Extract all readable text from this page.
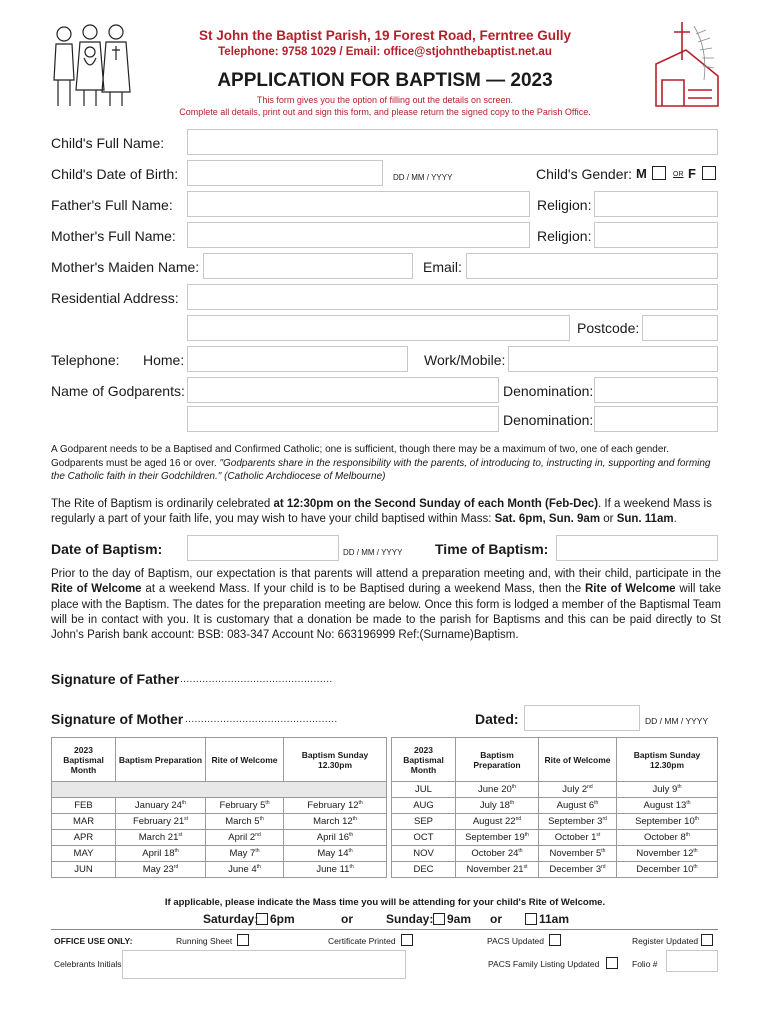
St John the Baptist Parish, 19 Forest Road, Ferntree Gully
Telephone: 9758 1029 / Email: office@stjohnthebaptist.net.au
APPLICATION FOR BAPTISM — 2023
This form gives you the option of filling out the details on screen.
Complete all details, print out and sign this form, and please return the signed copy to the Parish Office.
Child's Full Name:
Child's Date of Birth:	DD / MM / YYYY	Child's Gender: M	OR F
Father's Full Name:	Religion:
Mother's Full Name:	Religion:
Mother's Maiden Name:	Email:
Residential Address:
Postcode:
Telephone: Home:	Work/Mobile:
Name of Godparents:	Denomination:
Denomination:
A Godparent needs to be a Baptised and Confirmed Catholic; one is sufficient, though there may be a maximum of two, one of each gender.
Godparents must be aged 16 or over. "Godparents share in the responsibility with the parents, of introducing to, instructing in, supporting and forming the Catholic faith in their Godchildren." (Catholic Archdiocese of Melbourne)
The Rite of Baptism is ordinarily celebrated at 12:30pm on the Second Sunday of each Month (Feb-Dec). If a weekend Mass is regularly a part of your faith life, you may wish to have your child baptised within Mass: Sat. 6pm, Sun. 9am or Sun. 11am.
Date of Baptism:	DD / MM / YYYY Time of Baptism:
Prior to the day of Baptism, our expectation is that parents will attend a preparation meeting and, with their child, participate in the Rite of Welcome at a weekend Mass. If your child is to be Baptised during a weekend Mass, then the Rite of Welcome will take place with the Baptism. The dates for the preparation meeting are below. Once this form is lodged a member of the Baptismal Team will be in contact with you. It is customary that a donation be made to the parish for Baptisms and this can be paid directly to St John's Parish bank account: BSB: 083-347 Account No: 663196999 Ref:(Surname)Baptism.
Signature of Father ................................................
Signature of Mother ................................................	Dated:	DD / MM / YYYY
2023 Baptismal Month	Baptism Preparation	Rite of Welcome	Baptism Sunday 12.30pm

FEB	January 24th	February 5th	February 12th
MAR	February 21st	March 5th	March 12th
APR	March 21st	April 2nd	April 16th
MAY	April 18th	May 7th	May 14th
JUN	May 23rd	June 4th	June 11th
2023 Baptismal Month	Baptism Preparation	Rite of Welcome	Baptism Sunday 12.30pm
JUL	June 20th	July 2nd	July 9th
AUG	July 18th	August 6th	August 13th
SEP	August 22nd	September 3rd	September 10th
OCT	September 19th	October 1st	October 8th
NOV	October 24th	November 5th	November 12th
DEC	November 21st	December 3rd	December 10th
If applicable, please indicate the Mass time you will be attending for your child's Rite of Welcome.
Saturday: 6pm	or	Sunday: 9am or	11am
OFFICE USE ONLY:	Running Sheet	Certificate Printed	PACS Updated	Register Updated
Celebrants Initials	PACS Family Listing Updated	Folio #
